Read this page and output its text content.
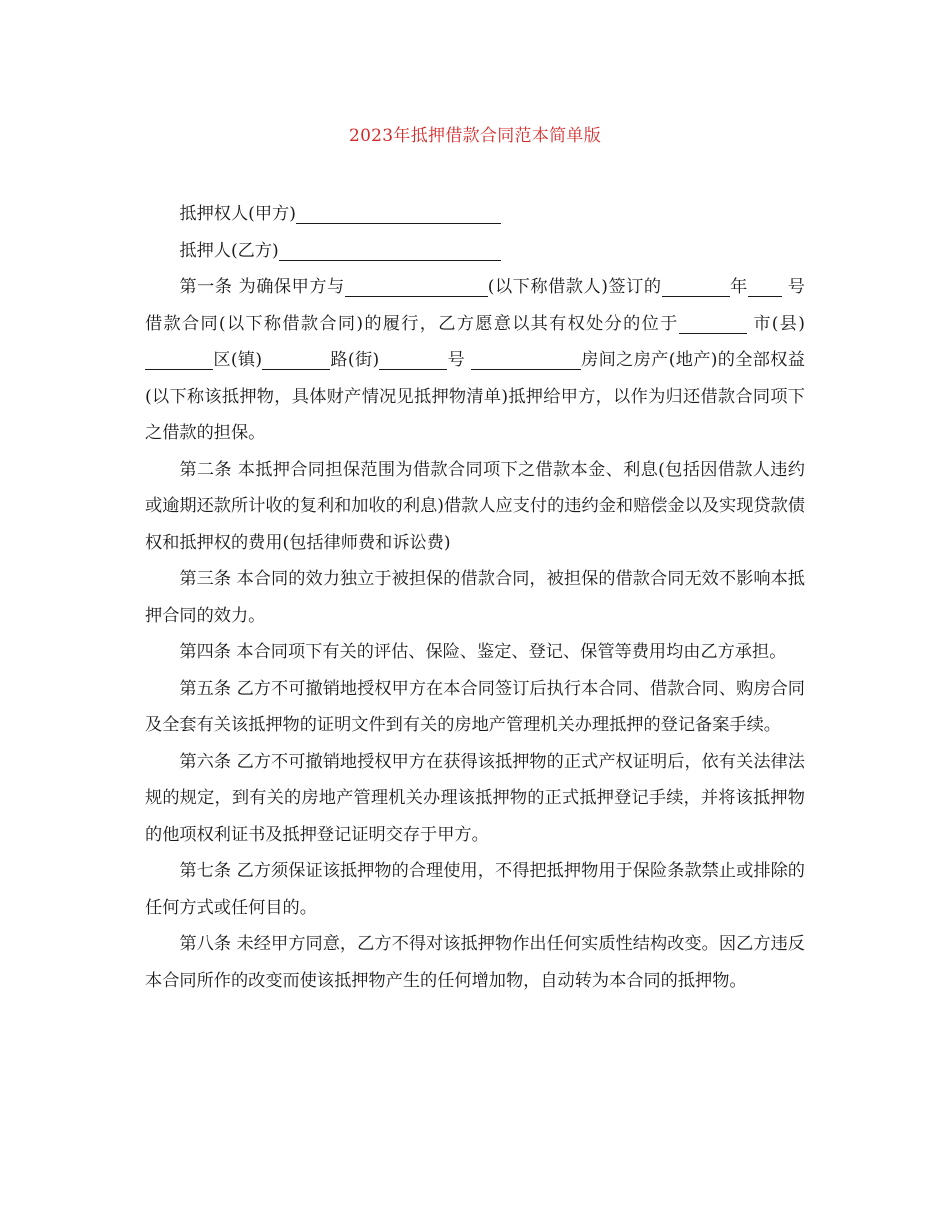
2023年抵押借款合同范本简单版

抵押权人(甲方)

抵押人(乙方)

第一条 为确保甲方与	(以下称借款人)签订的	年 号借款合同(以下称借款合同)的履行，乙方愿意以其有权处分的位于	市(县)区(镇)	路(街)	号	房间之房产(地产)的全部权益(以下称该抵押物，具体财产情况见抵押物清单)抵押给甲方，以作为归还借款合同项下之借款的担保。

第二条 本抵押合同担保范围为借款合同项下之借款本金、利息(包括因借款人违约或逾期还款所计收的复利和加收的利息)借款人应支付的违约金和赔偿金以及实现贷款债权和抵押权的费用(包括律师费和诉讼费)

第三条 本合同的效力独立于被担保的借款合同，被担保的借款合同无效不影响本抵押合同的效力。

第四条 本合同项下有关的评估、保险、鉴定、登记、保管等费用均由乙方承担。

第五条 乙方不可撤销地授权甲方在本合同签订后执行本合同、借款合同、购房合同及全套有关该抵押物的证明文件到有关的房地产管理机关办理抵押的登记备案手续。

第六条 乙方不可撤销地授权甲方在获得该抵押物的正式产权证明后，依有关法律法规的规定，到有关的房地产管理机关办理该抵押物的正式抵押登记手续，并将该抵押物的他项权利证书及抵押登记证明交存于甲方。

第七条 乙方须保证该抵押物的合理使用，不得把抵押物用于保险条款禁止或排除的任何方式或任何目的。

第八条 未经甲方同意，乙方不得对该抵押物作出任何实质性结构改变。因乙方违反本合同所作的改变而使该抵押物产生的任何增加物，自动转为本合同的抵押物。
